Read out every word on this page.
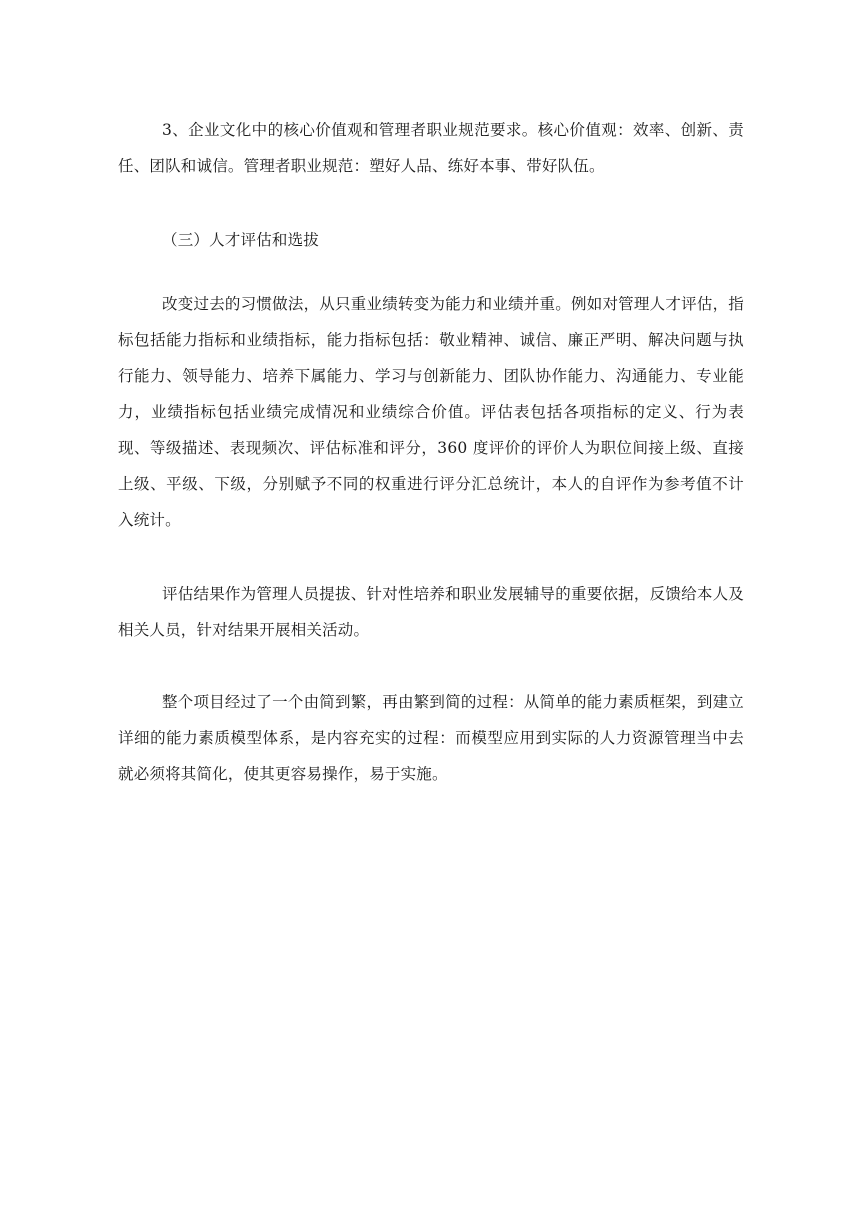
3、企业文化中的核心价值观和管理者职业规范要求。核心价值观：效率、创新、责任、团队和诚信。管理者职业规范：塑好人品、练好本事、带好队伍。

（三）人才评估和选拔

改变过去的习惯做法，从只重业绩转变为能力和业绩并重。例如对管理人才评估，指标包括能力指标和业绩指标，能力指标包括：敬业精神、诚信、廉正严明、解决问题与执行能力、领导能力、培养下属能力、学习与创新能力、团队协作能力、沟通能力、专业能力，业绩指标包括业绩完成情况和业绩综合价值。评估表包括各项指标的定义、行为表现、等级描述、表现频次、评估标准和评分，360 度评价的评价人为职位间接上级、直接上级、平级、下级，分别赋予不同的权重进行评分汇总统计，本人的自评作为参考值不计入统计。

评估结果作为管理人员提拔、针对性培养和职业发展辅导的重要依据，反馈给本人及相关人员，针对结果开展相关活动。

整个项目经过了一个由简到繁，再由繁到简的过程：从简单的能力素质框架，到建立详细的能力素质模型体系，是内容充实的过程：而模型应用到实际的人力资源管理当中去就必须将其简化，使其更容易操作，易于实施。
